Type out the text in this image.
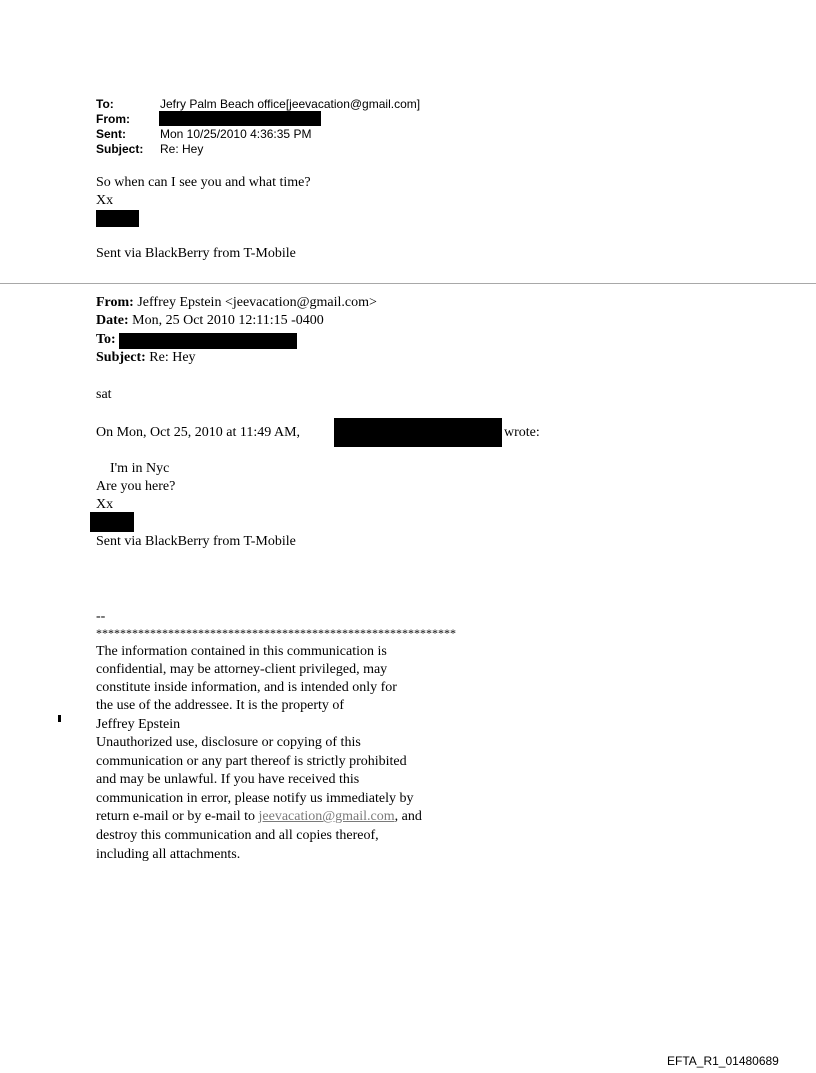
To:	Jefry Palm Beach office[jeevacation@gmail.com]
From:
Sent:	Mon 10/25/2010 4:36:35 PM
Subject: Re: Hey
So when can I see you and what time?
Xx
Sent via BlackBerry from T-Mobile
From: Jeffrey Epstein <jeevacation@gmail.com>
Date: Mon, 25 Oct 2010 12:11:15 -0400
To:
Subject: Re: Hey
sat
On Mon, Oct 25, 2010 at 11:49 AM,	wrote:
I'm in Nyc
Are you here?
Xx
Sent via BlackBerry from T-Mobile
--
************************************************************
The information contained in this communication is
confidential, may be attorney-client privileged, may
constitute inside information, and is intended only for
the use of the addressee. It is the property of
Jeffrey Epstein
Unauthorized use, disclosure or copying of this
communication or any part thereof is strictly prohibited
and may be unlawful. If you have received this
communication in error, please notify us immediately by
return e-mail or by e-mail to jeevacation@gmail.com, and
destroy this communication and all copies thereof,
including all attachments.
EFTA_R1_01480689
